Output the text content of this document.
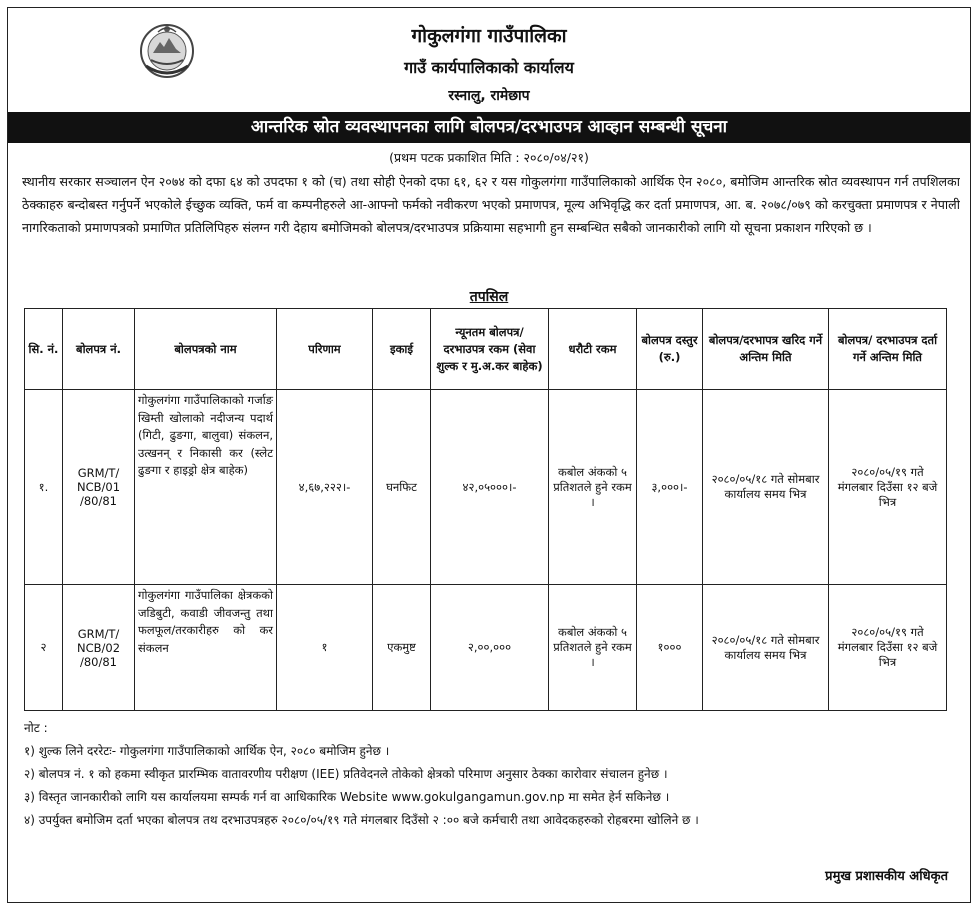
गोकुलगंगा गाउँपालिका
गाउँ कार्यपालिकाको कार्यालय
रस्नालु, रामेछाप
आन्तरिक स्रोत व्यवस्थापनका लागि बोलपत्र/दरभाउपत्र आव्हान सम्बन्धी सूचना
(प्रथम पटक प्रकाशित मिति : २०८०/०४/२१)
स्थानीय सरकार सञ्चालन ऐन २०७४ को दफा ६४ को उपदफा १ को (च) तथा सोही ऐनको दफा ६१, ६२ र यस गोकुलगंगा गाउँपालिकाको आर्थिक ऐन २०८०, बमोजिम आन्तरिक स्रोत व्यवस्थापन गर्न तपशिलका ठेक्काहरु बन्दोबस्त गर्नुपर्ने भएकोले ईच्छुक व्यक्ति, फर्म वा कम्पनीहरुले आ-आफ्नो फर्मको नवीकरण भएको प्रमाणपत्र, मूल्य अभिवृद्धि कर दर्ता प्रमाणपत्र, आ. ब. २०७८/०७९ को करचुक्ता प्रमाणपत्र र नेपाली नागरिकताको प्रमाणपत्रको प्रमाणित प्रतिलिपिहरु संलग्न गरी देहाय बमोजिमको बोलपत्र/दरभाउपत्र प्रक्रियामा सहभागी हुन सम्बन्धित सबैको जानकारीको लागि यो सूचना प्रकाशन गरिएको छ ।
तपसिल
सि. नं.	बोलपत्र नं.	बोलपत्रको नाम	परिणाम	इकाई	न्यूनतम बोलपत्र/ दरभाउपत्र रकम (सेवा शुल्क र मु.अ.कर बाहेक)	धरौटी रकम	बोलपत्र दस्तुर (रु.)	बोलपत्र/दरभापत्र खरिद गर्ने अन्तिम मिति	बोलपत्र/ दरभाउपत्र दर्ता गर्ने अन्तिम मिति
१.	GRM/T/ NCB/01 /80/81	गोकुलगंगा गाउँपालिकाको गर्जाङ खिम्ती खोलाको नदीजन्य पदार्थ (गिटी, ढुङगा, बालुवा) संकलन, उत्खनन् र निकासी कर (स्लेट ढुङगा र हाइड्रो क्षेत्र बाहेक)	४,६७,२२२।-	घनफिट	४२,०५०००।-	कबोल अंकको ५ प्रतिशतले हुने रकम ।	३,०००।-	२०८०/०५/१८ गते सोमबार कार्यालय समय भित्र	२०८०/०५/१९ गते मंगलबार दिउँसा १२ बजे भित्र
२	GRM/T/ NCB/02 /80/81	गोकुलगंगा गाउँपालिका क्षेत्रकको जडिबुटी, कवाडी जीवजन्तु तथा फलफूल/तरकारीहरु को कर संकलन	१	एकमुष्ट	२,००,०००	कबोल अंकको ५ प्रतिशतले हुने रकम ।	१०००	२०८०/०५/१८ गते सोमबार कार्यालय समय भित्र	२०८०/०५/१९ गते मंगलबार दिउँसा १२ बजे भित्र
नोट :
१) शुल्क लिने दररेटः- गोकुलगंगा गाउँपालिकाको आर्थिक ऐन, २०८० बमोजिम हुनेछ ।
२) बोलपत्र नं. १ को हकमा स्वीकृत प्रारम्भिक वातावरणीय परीक्षण (IEE) प्रतिवेदनले तोकेको क्षेत्रको परिमाण अनुसार ठेक्का कारोवार संचालन हुनेछ ।
३) विस्तृत जानकारीको लागि यस कार्यालयमा सम्पर्क गर्न वा आधिकारिक Website www.gokulgangamun.gov.np मा समेत हेर्न सकिनेछ ।
४) उपर्युक्त बमोजिम दर्ता भएका बोलपत्र तथ दरभाउपत्रहरु २०८०/०५/१९ गते मंगलबार दिउँसो २ :०० बजे कर्मचारी तथा आवेदकहरुको रोहबरमा खोलिने छ ।
प्रमुख प्रशासकीय अधिकृत
